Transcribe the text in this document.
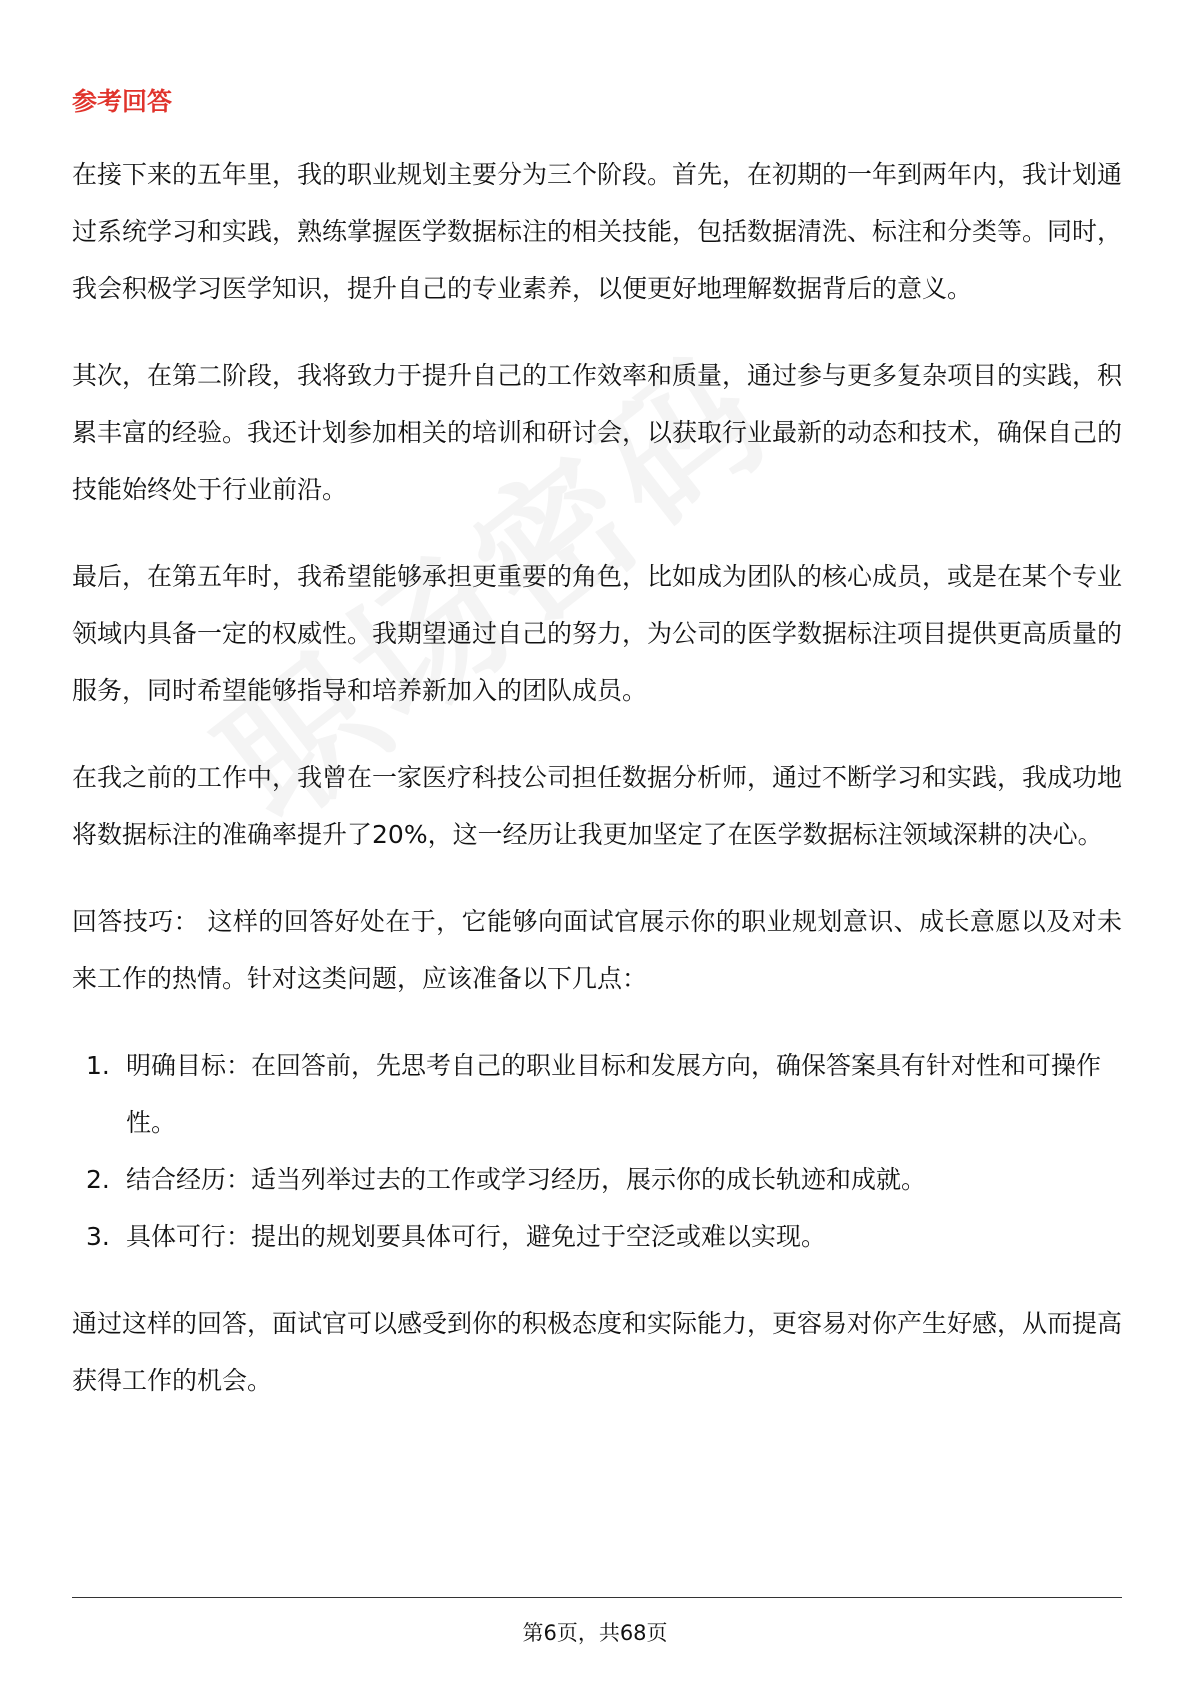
参考回答

在接下来的五年里，我的职业规划主要分为三个阶段。首先，在初期的一年到两年内，我计划通过系统学习和实践，熟练掌握医学数据标注的相关技能，包括数据清洗、标注和分类等。同时，我会积极学习医学知识，提升自己的专业素养，以便更好地理解数据背后的意义。

其次，在第二阶段，我将致力于提升自己的工作效率和质量，通过参与更多复杂项目的实践，积累丰富的经验。我还计划参加相关的培训和研讨会，以获取行业最新的动态和技术，确保自己的技能始终处于行业前沿。

最后，在第五年时，我希望能够承担更重要的角色，比如成为团队的核心成员，或是在某个专业领域内具备一定的权威性。我期望通过自己的努力，为公司的医学数据标注项目提供更高质量的服务，同时希望能够指导和培养新加入的团队成员。

在我之前的工作中，我曾在一家医疗科技公司担任数据分析师，通过不断学习和实践，我成功地将数据标注的准确率提升了20%，这一经历让我更加坚定了在医学数据标注领域深耕的决心。

回答技巧： 这样的回答好处在于，它能够向面试官展示你的职业规划意识、成长意愿以及对未来工作的热情。针对这类问题，应该准备以下几点：

1. 明确目标：在回答前，先思考自己的职业目标和发展方向，确保答案具有针对性和可操作性。
2. 结合经历：适当列举过去的工作或学习经历，展示你的成长轨迹和成就。
3. 具体可行：提出的规划要具体可行，避免过于空泛或难以实现。

通过这样的回答，面试官可以感受到你的积极态度和实际能力，更容易对你产生好感，从而提高获得工作的机会。

第6页，共68页
